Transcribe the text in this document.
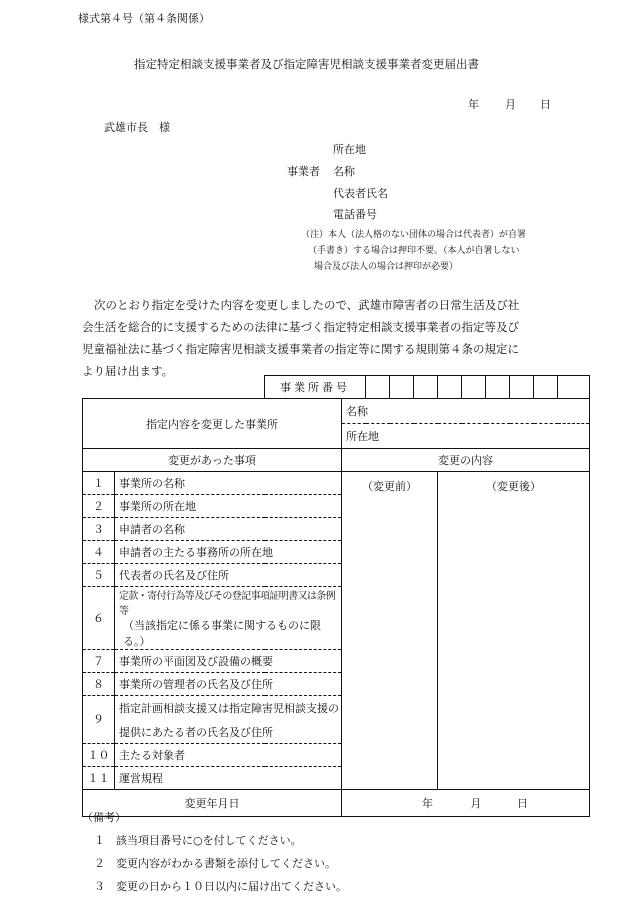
様式第４号（第４条関係）
指定特定相談支援事業者及び指定障害児相談支援事業者変更届出書
年 月 日
武雄市長　様
所在地
事業者 名称
代表者氏名
電話番号
（注）本人（法人格のない団体の場合は代表者）が自署
（手書き）する場合は押印不要。（本人が自署しない
場合及び法人の場合は押印が必要）
次のとおり指定を受けた内容を変更しましたので、武雄市障害者の日常生活及び社
会生活を総合的に支援するための法律に基づく指定特定相談支援事業者の指定等及び
児童福祉法に基づく指定障害児相談支援事業者の指定等に関する規則第４条の規定に
より届け出ます。
		事業所番号										
指定内容を変更した事業所			名称									
			所在地									
変更があった事項			変更の内容									
１	事業所の名称		（変更前）				（変更後）					
２	事業所の所在地											
３	申請者の名称											
４	申請者の主たる事務所の所在地											
５	代表者の氏名及び住所											
６	定款・寄付行為等及びその登記事項証明書又は条例等											
	（当該指定に係る事業に関するものに限る。）											
７	事業所の平面図及び設備の概要											
８	事業所の管理者の氏名及び住所											
９	指定計画相談支援又は指定障害児相談支援の											
	提供にあたる者の氏名及び住所											
１０	主たる対象者											
１１	運営規程											
変更年月日			年 月 日									
（備考）
１　該当項目番号に○を付してください。
２　変更内容がわかる書類を添付してください。
３　変更の日から１０日以内に届け出てください。
